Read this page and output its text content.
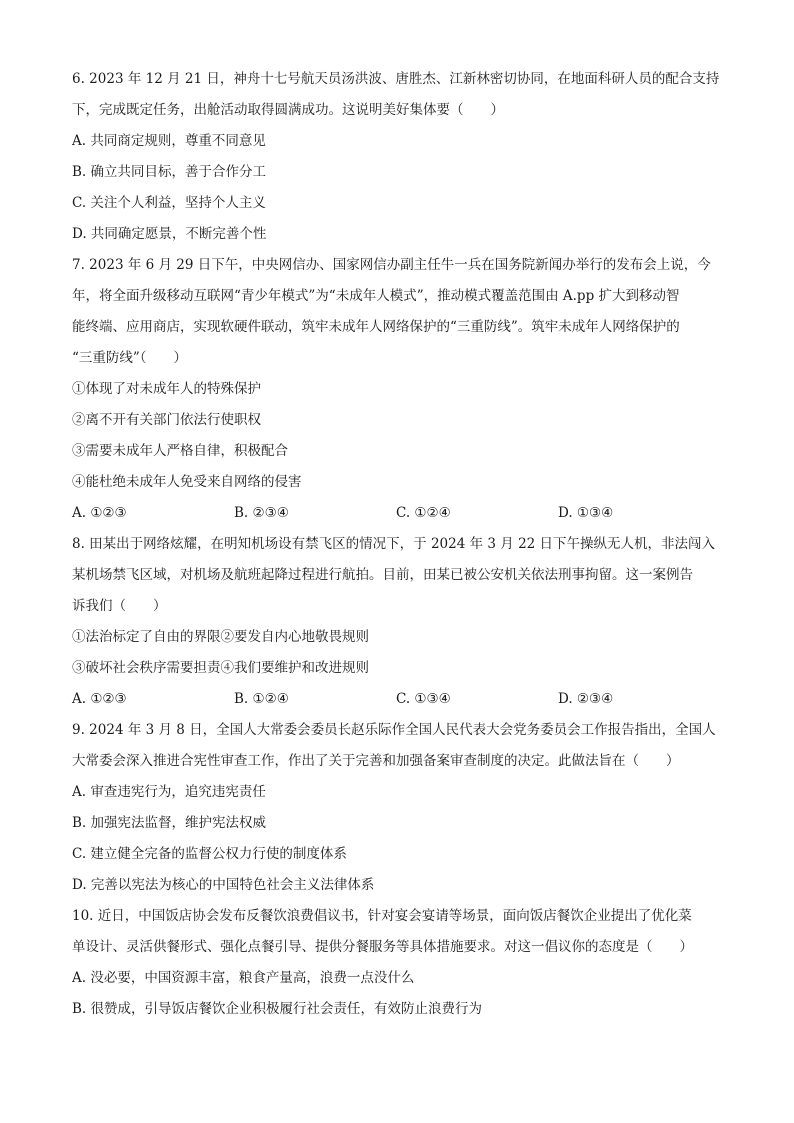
6. 2023 年 12 月 21 日，神舟十七号航天员汤洪波、唐胜杰、江新林密切协同，在地面科研人员的配合支持
下，完成既定任务，出舱活动取得圆满成功。这说明美好集体要（　　）
A. 共同商定规则，尊重不同意见
B. 确立共同目标，善于合作分工
C. 关注个人利益，坚持个人主义
D. 共同确定愿景，不断完善个性
7. 2023 年 6 月 29 日下午，中央网信办、国家网信办副主任牛一兵在国务院新闻办举行的发布会上说，今
年，将全面升级移动互联网“青少年模式”为“未成年人模式”，推动模式覆盖范围由 A.pp 扩大到移动智
能终端、应用商店，实现软硬件联动，筑牢未成年人网络保护的“三重防线”。筑牢未成年人网络保护的
“三重防线”（　　）
①体现了对未成年人的特殊保护
②离不开有关部门依法行使职权
③需要未成年人严格自律，积极配合
④能杜绝未成年人免受来自网络的侵害
A. ①②③	B. ②③④	C. ①②④	D. ①③④
8. 田某出于网络炫耀，在明知机场设有禁飞区的情况下，于 2024 年 3 月 22 日下午操纵无人机，非法闯入
某机场禁飞区域，对机场及航班起降过程进行航拍。目前，田某已被公安机关依法刑事拘留。这一案例告
诉我们（　　）
①法治标定了自由的界限②要发自内心地敬畏规则
③破坏社会秩序需要担责④我们要维护和改进规则
A. ①②③	B. ①②④	C. ①③④	D. ②③④
9. 2024 年 3 月 8 日，全国人大常委会委员长赵乐际作全国人民代表大会党务委员会工作报告指出，全国人
大常委会深入推进合宪性审查工作，作出了关于完善和加强备案审查制度的决定。此做法旨在（　　）
A. 审查违宪行为，追究违宪责任
B. 加强宪法监督，维护宪法权威
C. 建立健全完备的监督公权力行使的制度体系
D. 完善以宪法为核心的中国特色社会主义法律体系
10. 近日，中国饭店协会发布反餐饮浪费倡议书，针对宴会宴请等场景，面向饭店餐饮企业提出了优化菜
单设计、灵活供餐形式、强化点餐引导、提供分餐服务等具体措施要求。对这一倡议你的态度是（　　）
A. 没必要，中国资源丰富，粮食产量高，浪费一点没什么
B. 很赞成，引导饭店餐饮企业积极履行社会责任，有效防止浪费行为
